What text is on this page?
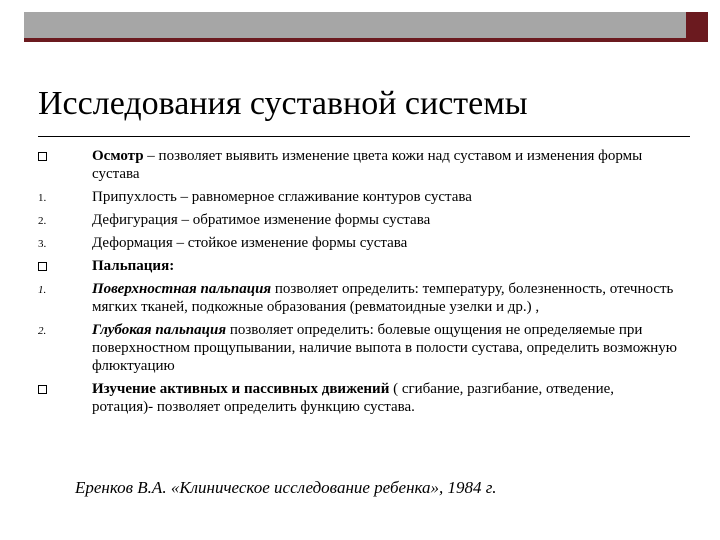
Исследования суставной системы
Осмотр – позволяет выявить изменение цвета кожи над суставом и изменения формы сустава
1.	Припухлость – равномерное сглаживание контуров сустава
2.	Дефигурация – обратимое изменение формы сустава
3.	Деформация – стойкое изменение формы сустава
Пальпация:
1.	Поверхностная пальпация позволяет определить: температуру, болезненность, отечность мягких тканей, подкожные образования (ревматоидные узелки и др.) ,
2.	Глубокая пальпация позволяет определить: болевые ощущения не определяемые при поверхностном прощупывании, наличие выпота в полости сустава, определить возможную флюктуацию
Изучение активных и пассивных движений ( сгибание, разгибание, отведение, ротация)- позволяет определить функцию сустава.
Еренков В.А. «Клиническое исследование ребенка», 1984 г.
